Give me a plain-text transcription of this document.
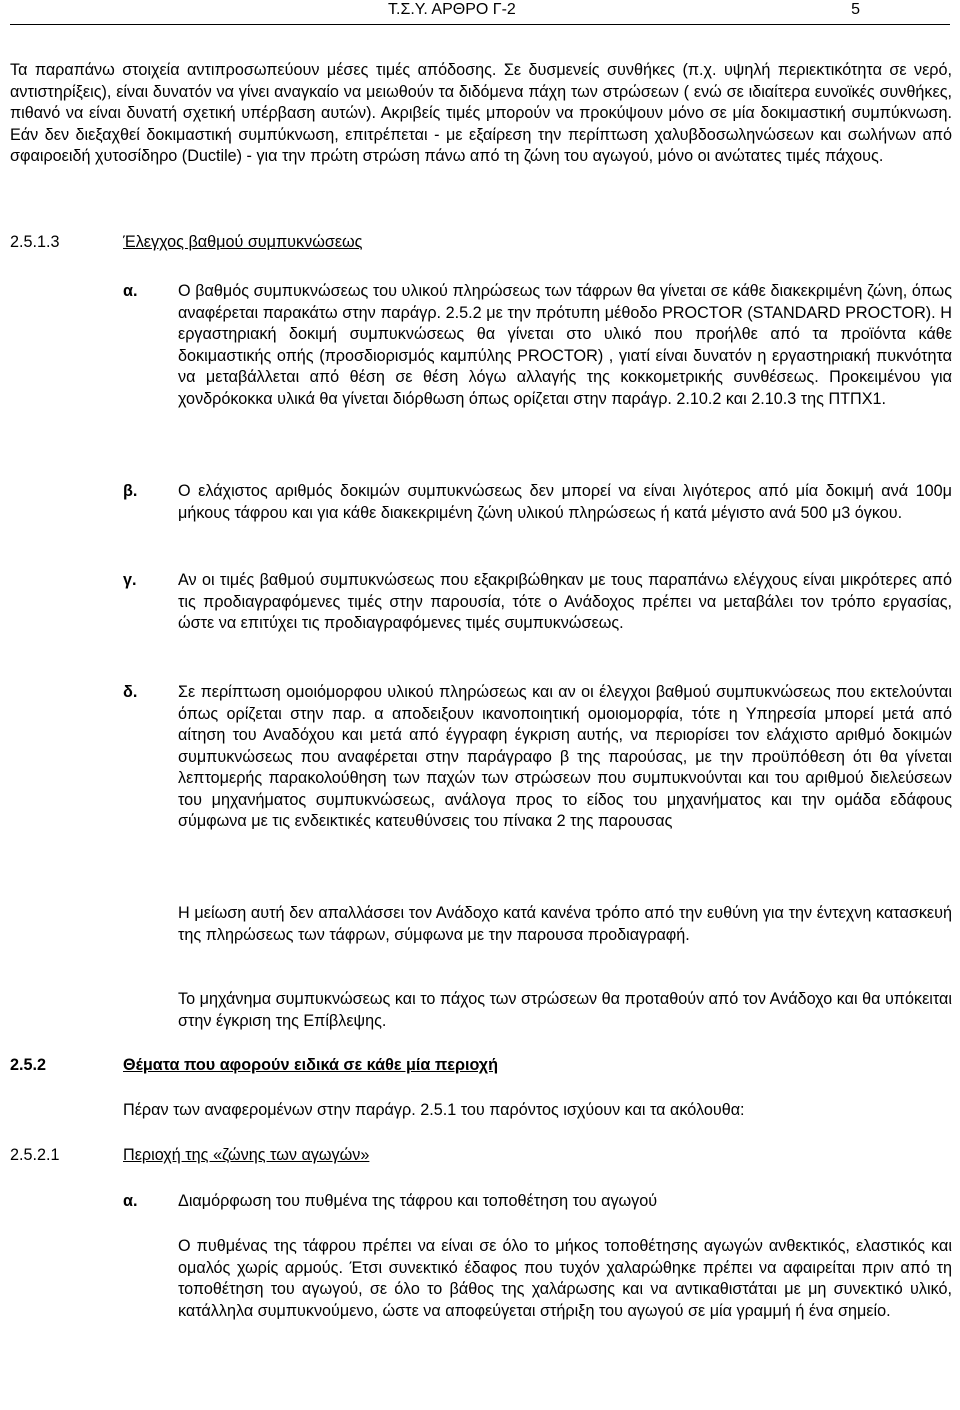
Τ.Σ.Υ. ΑΡΘΡΟ Γ-2	5

Τα παραπάνω στοιχεία αντιπροσωπεύουν μέσες τιμές απόδοσης. Σε δυσμενείς συνθήκες (π.χ. υψηλή περιεκτικότητα σε νερό, αντιστηρίξεις), είναι δυνατόν να γίνει αναγκαίο να μειωθούν τα διδόμενα πάχη των στρώσεων ( ενώ σε ιδιαίτερα ευνοϊκές συνθήκες, πιθανό να είναι δυνατή σχετική υπέρβαση αυτών). Ακριβείς τιμές μπορούν να προκύψουν μόνο σε μία δοκιμαστική συμπύκνωση. Εάν δεν διεξαχθεί δοκιμαστική συμπύκνωση, επιτρέπεται - με εξαίρεση την περίπτωση χαλυβδοσωληνώσεων και σωλήνων από σφαιροειδή χυτοσίδηρο (Ductile) - για την πρώτη στρώση πάνω από τη ζώνη του αγωγού, μόνο οι ανώτατες τιμές πάχους.

2.5.1.3	Έλεγχος βαθμού συμπυκνώσεως
α.	Ο βαθμός συμπυκνώσεως του υλικού πληρώσεως των τάφρων θα γίνεται σε κάθε διακεκριμένη ζώνη, όπως αναφέρεται παρακάτω στην παράγρ. 2.5.2 με την πρότυπη μέθοδο PROCTOR (STANDARD PROCTOR). Η εργαστηριακή δοκιμή συμπυκνώσεως θα γίνεται στο υλικό που προήλθε από τα προϊόντα κάθε δοκιμαστικής οπής (προσδιορισμός καμπύλης PROCTOR) , γιατί είναι δυνατόν η εργαστηριακή πυκνότητα να μεταβάλλεται από θέση σε θέση λόγω αλλαγής της κοκκομετρικής συνθέσεως. Προκειμένου για χονδρόκοκκα υλικά θα γίνεται διόρθωση όπως ορίζεται στην παράγρ. 2.10.2 και 2.10.3 της ΠΤΠΧ1.

β.	Ο ελάχιστος αριθμός δοκιμών συμπυκνώσεως δεν μπορεί να είναι λιγότερος από μία δοκιμή ανά 100μ μήκους τάφρου και για κάθε διακεκριμένη ζώνη υλικού πληρώσεως ή κατά μέγιστο ανά 500 μ3 όγκου.

γ.	Αν οι τιμές βαθμού συμπυκνώσεως που εξακριβώθηκαν με τους παραπάνω ελέγχους είναι μικρότερες από τις προδιαγραφόμενες τιμές στην παρουσία, τότε ο Ανάδοχος πρέπει να μεταβάλει τον τρόπο εργασίας, ώστε να επιτύχει τις προδιαγραφόμενες τιμές συμπυκνώσεως.

δ.	Σε περίπτωση ομοιόμορφου υλικού πληρώσεως και αν οι έλεγχοι βαθμού συμπυκνώσεως που εκτελούνται όπως ορίζεται στην παρ. α αποδειξουν ικανοποιητική ομοιομορφία, τότε η Υπηρεσία μπορεί μετά από αίτηση του Αναδόχου και μετά από έγγραφη έγκριση αυτής, να περιορίσει τον ελάχιστο αριθμό δοκιμών συμπυκνώσεως που αναφέρεται στην παράγραφο β της παρούσας, με την προϋπόθεση ότι θα γίνεται λεπτομερής παρακολούθηση των παχών των στρώσεων που συμπυκνούνται και του αριθμού διελεύσεων του μηχανήματος συμπυκνώσεως, ανάλογα προς το είδος του μηχανήματος και την ομάδα εδάφους σύμφωνα με τις ενδεικτικές κατευθύνσεις του πίνακα 2 της παρουσας

Η μείωση αυτή δεν απαλλάσσει τον Ανάδοχο κατά κανένα τρόπο από την ευθύνη για την έντεχνη κατασκευή της πληρώσεως των τάφρων, σύμφωνα με την παρουσα προδιαγραφή.

Το μηχάνημα συμπυκνώσεως και το πάχος των στρώσεων θα προταθούν από τον Ανάδοχο και θα υπόκειται στην έγκριση της Επίβλεψης.

2.5.2	Θέματα που αφορούν ειδικά σε κάθε μία περιοχή

Πέραν των αναφερομένων στην παράγρ. 2.5.1 του παρόντος ισχύουν και τα ακόλουθα:

2.5.2.1	Περιοχή της «ζώνης των αγωγών»
α.	Διαμόρφωση του πυθμένα της τάφρου και τοποθέτηση του αγωγού

Ο πυθμένας της τάφρου πρέπει να είναι σε όλο το μήκος τοποθέτησης αγωγών ανθεκτικός, ελαστικός και ομαλός χωρίς αρμούς. Έτσι συνεκτικό έδαφος που τυχόν χαλαρώθηκε πρέπει να αφαιρείται πριν από τη τοποθέτηση του αγωγού, σε όλο το βάθος της χαλάρωσης και να αντικαθιστάται με μη συνεκτικό υλικό, κατάλληλα συμπυκνούμενο, ώστε να αποφεύγεται στήριξη του αγωγού σε μία γραμμή ή ένα σημείο.
